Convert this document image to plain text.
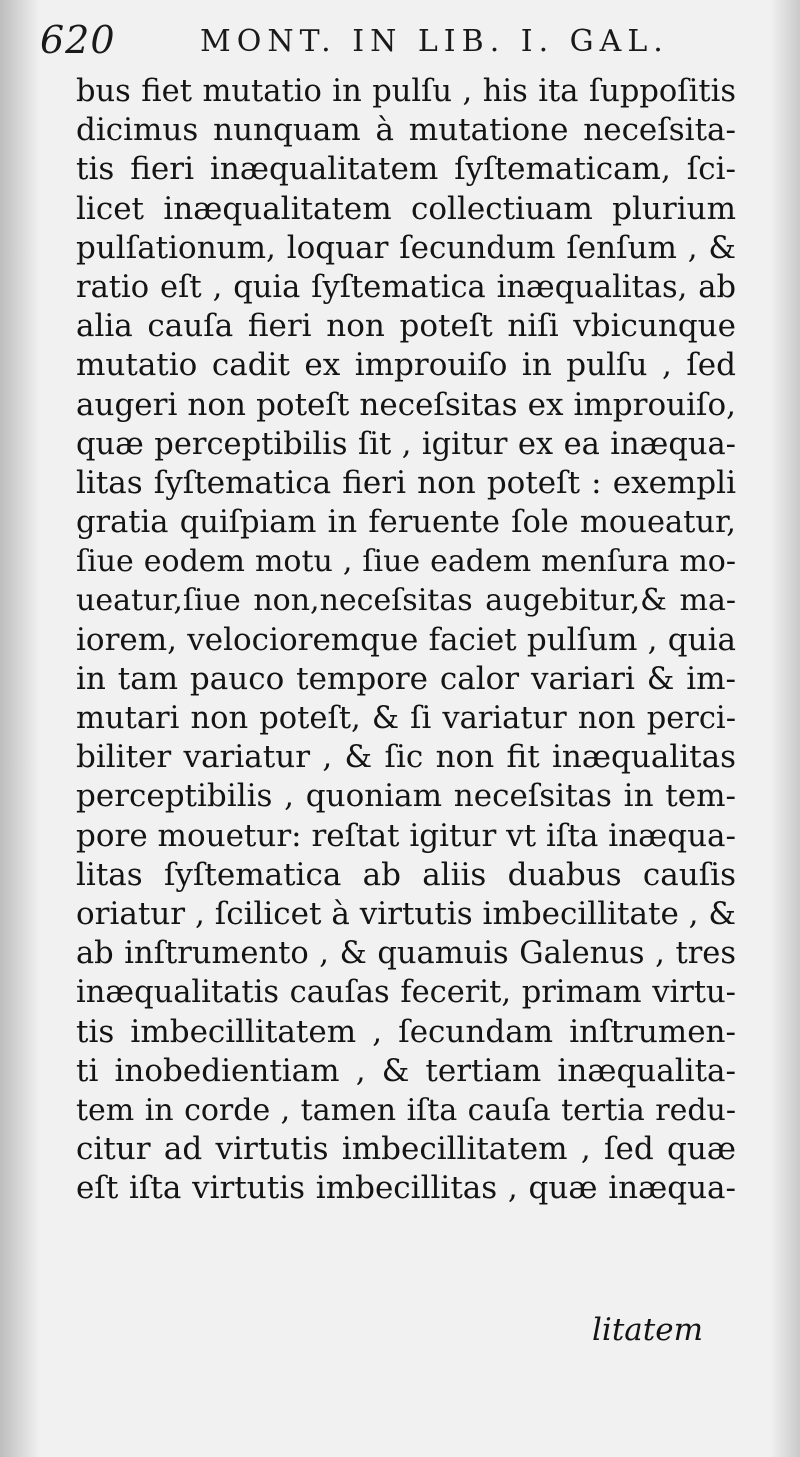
620	MONT. IN LIB. I. GAL.
bus fiet mutatio in pulſu , his ita ſuppoſitis
dicimus nunquam à mutatione neceſsita-
tis fieri inæqualitatem ſyſtematicam, ſci-
licet inæqualitatem collectiuam plurium
pulſationum, loquar ſecundum ſenſum , &
ratio eſt , quia ſyſtematica inæqualitas, ab
alia cauſa fieri non poteſt niſi vbicunque
mutatio cadit ex improuiſo in pulſu , ſed
augeri non poteſt neceſsitas ex improuiſo,
quæ perceptibilis ſit , igitur ex ea inæqua-
litas ſyſtematica fieri non poteſt : exempli
gratia quiſpiam in feruente ſole moueatur,
ſiue eodem motu , ſiue eadem menſura mo-
ueatur,ſiue non,neceſsitas augebitur,& ma-
iorem, velocioremque faciet pulſum , quia
in tam pauco tempore calor variari & im-
mutari non poteſt, & ſi variatur non perci-
biliter variatur , & ſic non fit inæqualitas
perceptibilis , quoniam neceſsitas in tem-
pore mouetur: reſtat igitur vt iſta inæqua-
litas ſyſtematica ab aliis duabus cauſis
oriatur , ſcilicet à virtutis imbecillitate , &
ab inſtrumento , & quamuis Galenus , tres
inæqualitatis cauſas fecerit, primam virtu-
tis imbecillitatem , ſecundam inſtrumen-
ti inobedientiam , & tertiam inæqualita-
tem in corde , tamen iſta cauſa tertia redu-
citur ad virtutis imbecillitatem , ſed quæ
eſt iſta virtutis imbecillitas , quæ inæqua-
litatem
